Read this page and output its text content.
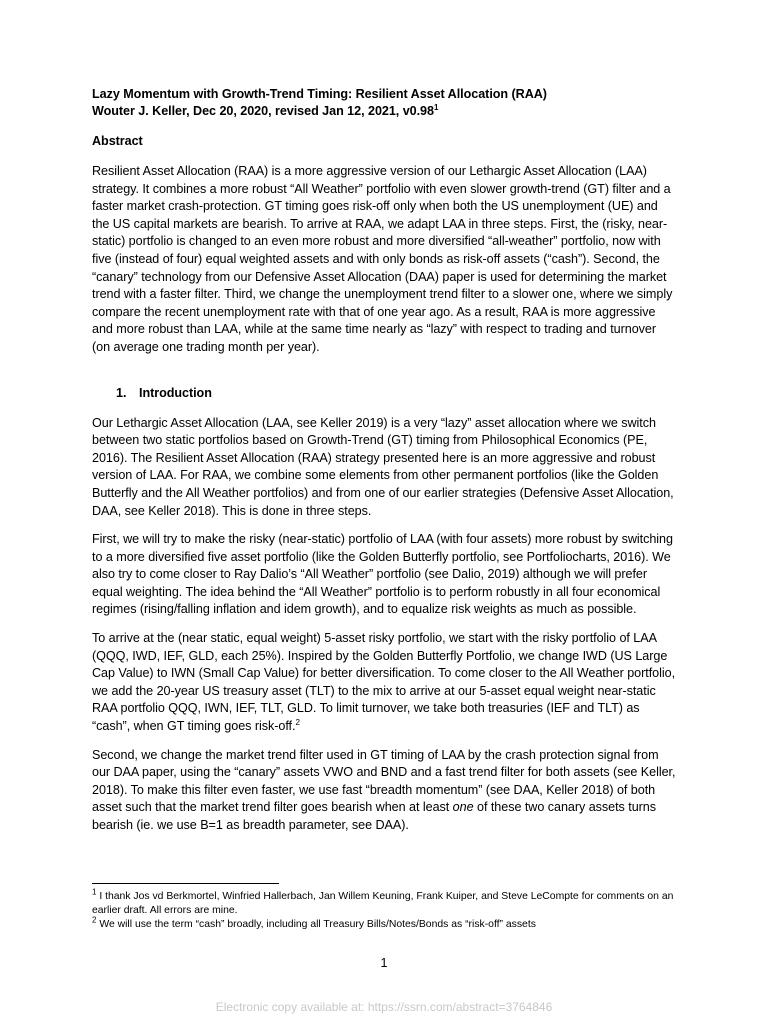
Lazy Momentum with Growth-Trend Timing: Resilient Asset Allocation (RAA)
Wouter J. Keller, Dec 20, 2020, revised Jan 12, 2021, v0.98$^1$
Abstract

Resilient Asset Allocation (RAA) is a more aggressive version of our Lethargic Asset Allocation (LAA) strategy. It combines a more robust “All Weather” portfolio with even slower growth-trend (GT) filter and a faster market crash-protection. GT timing goes risk-off only when both the US unemployment (UE) and the US capital markets are bearish. To arrive at RAA, we adapt LAA in three steps. First, the (risky, near-static) portfolio is changed to an even more robust and more diversified “all-weather” portfolio, now with five (instead of four) equal weighted assets and with only bonds as risk-off assets (“cash”). Second, the “canary” technology from our Defensive Asset Allocation (DAA) paper is used for determining the market trend with a faster filter. Third, we change the unemployment trend filter to a slower one, where we simply compare the recent unemployment rate with that of one year ago. As a result, RAA is more aggressive and more robust than LAA, while at the same time nearly as “lazy” with respect to trading and turnover (on average one trading month per year).

1. Introduction

Our Lethargic Asset Allocation (LAA, see Keller 2019) is a very “lazy” asset allocation where we switch between two static portfolios based on Growth-Trend (GT) timing from Philosophical Economics (PE, 2016). The Resilient Asset Allocation (RAA) strategy presented here is an more aggressive and robust version of LAA. For RAA, we combine some elements from other permanent portfolios (like the Golden Butterfly and the All Weather portfolios) and from one of our earlier strategies (Defensive Asset Allocation, DAA, see Keller 2018). This is done in three steps.

First, we will try to make the risky (near-static) portfolio of LAA (with four assets) more robust by switching to a more diversified five asset portfolio (like the Golden Butterfly portfolio, see Portfoliocharts, 2016). We also try to come closer to Ray Dalio’s “All Weather” portfolio (see Dalio, 2019) although we will prefer equal weighting. The idea behind the “All Weather” portfolio is to perform robustly in all four economical regimes (rising/falling inflation and idem growth), and to equalize risk weights as much as possible.

To arrive at the (near static, equal weight) 5-asset risky portfolio, we start with the risky portfolio of LAA (QQQ, IWD, IEF, GLD, each 25%). Inspired by the Golden Butterfly Portfolio, we change IWD (US Large Cap Value) to IWN (Small Cap Value) for better diversification. To come closer to the All Weather portfolio, we add the 20-year US treasury asset (TLT) to the mix to arrive at our 5-asset equal weight near-static RAA portfolio QQQ, IWN, IEF, TLT, GLD. To limit turnover, we take both treasuries (IEF and TLT) as “cash”, when GT timing goes risk-off.$^2$

Second, we change the market trend filter used in GT timing of LAA by the crash protection signal from our DAA paper, using the “canary” assets VWO and BND and a fast trend filter for both assets (see Keller, 2018). To make this filter even faster, we use fast “breadth momentum” (see DAA, Keller 2018) of both asset such that the market trend filter goes bearish when at least one of these two canary assets turns bearish (ie. we use B=1 as breadth parameter, see DAA).

$^1$ I thank Jos vd Berkmortel, Winfried Hallerbach, Jan Willem Keuning, Frank Kuiper, and Steve LeCompte for comments on an earlier draft. All errors are mine.
$^2$ We will use the term “cash” broadly, including all Treasury Bills/Notes/Bonds as “risk-off” assets
1
Electronic copy available at: https://ssrn.com/abstract=3764846
